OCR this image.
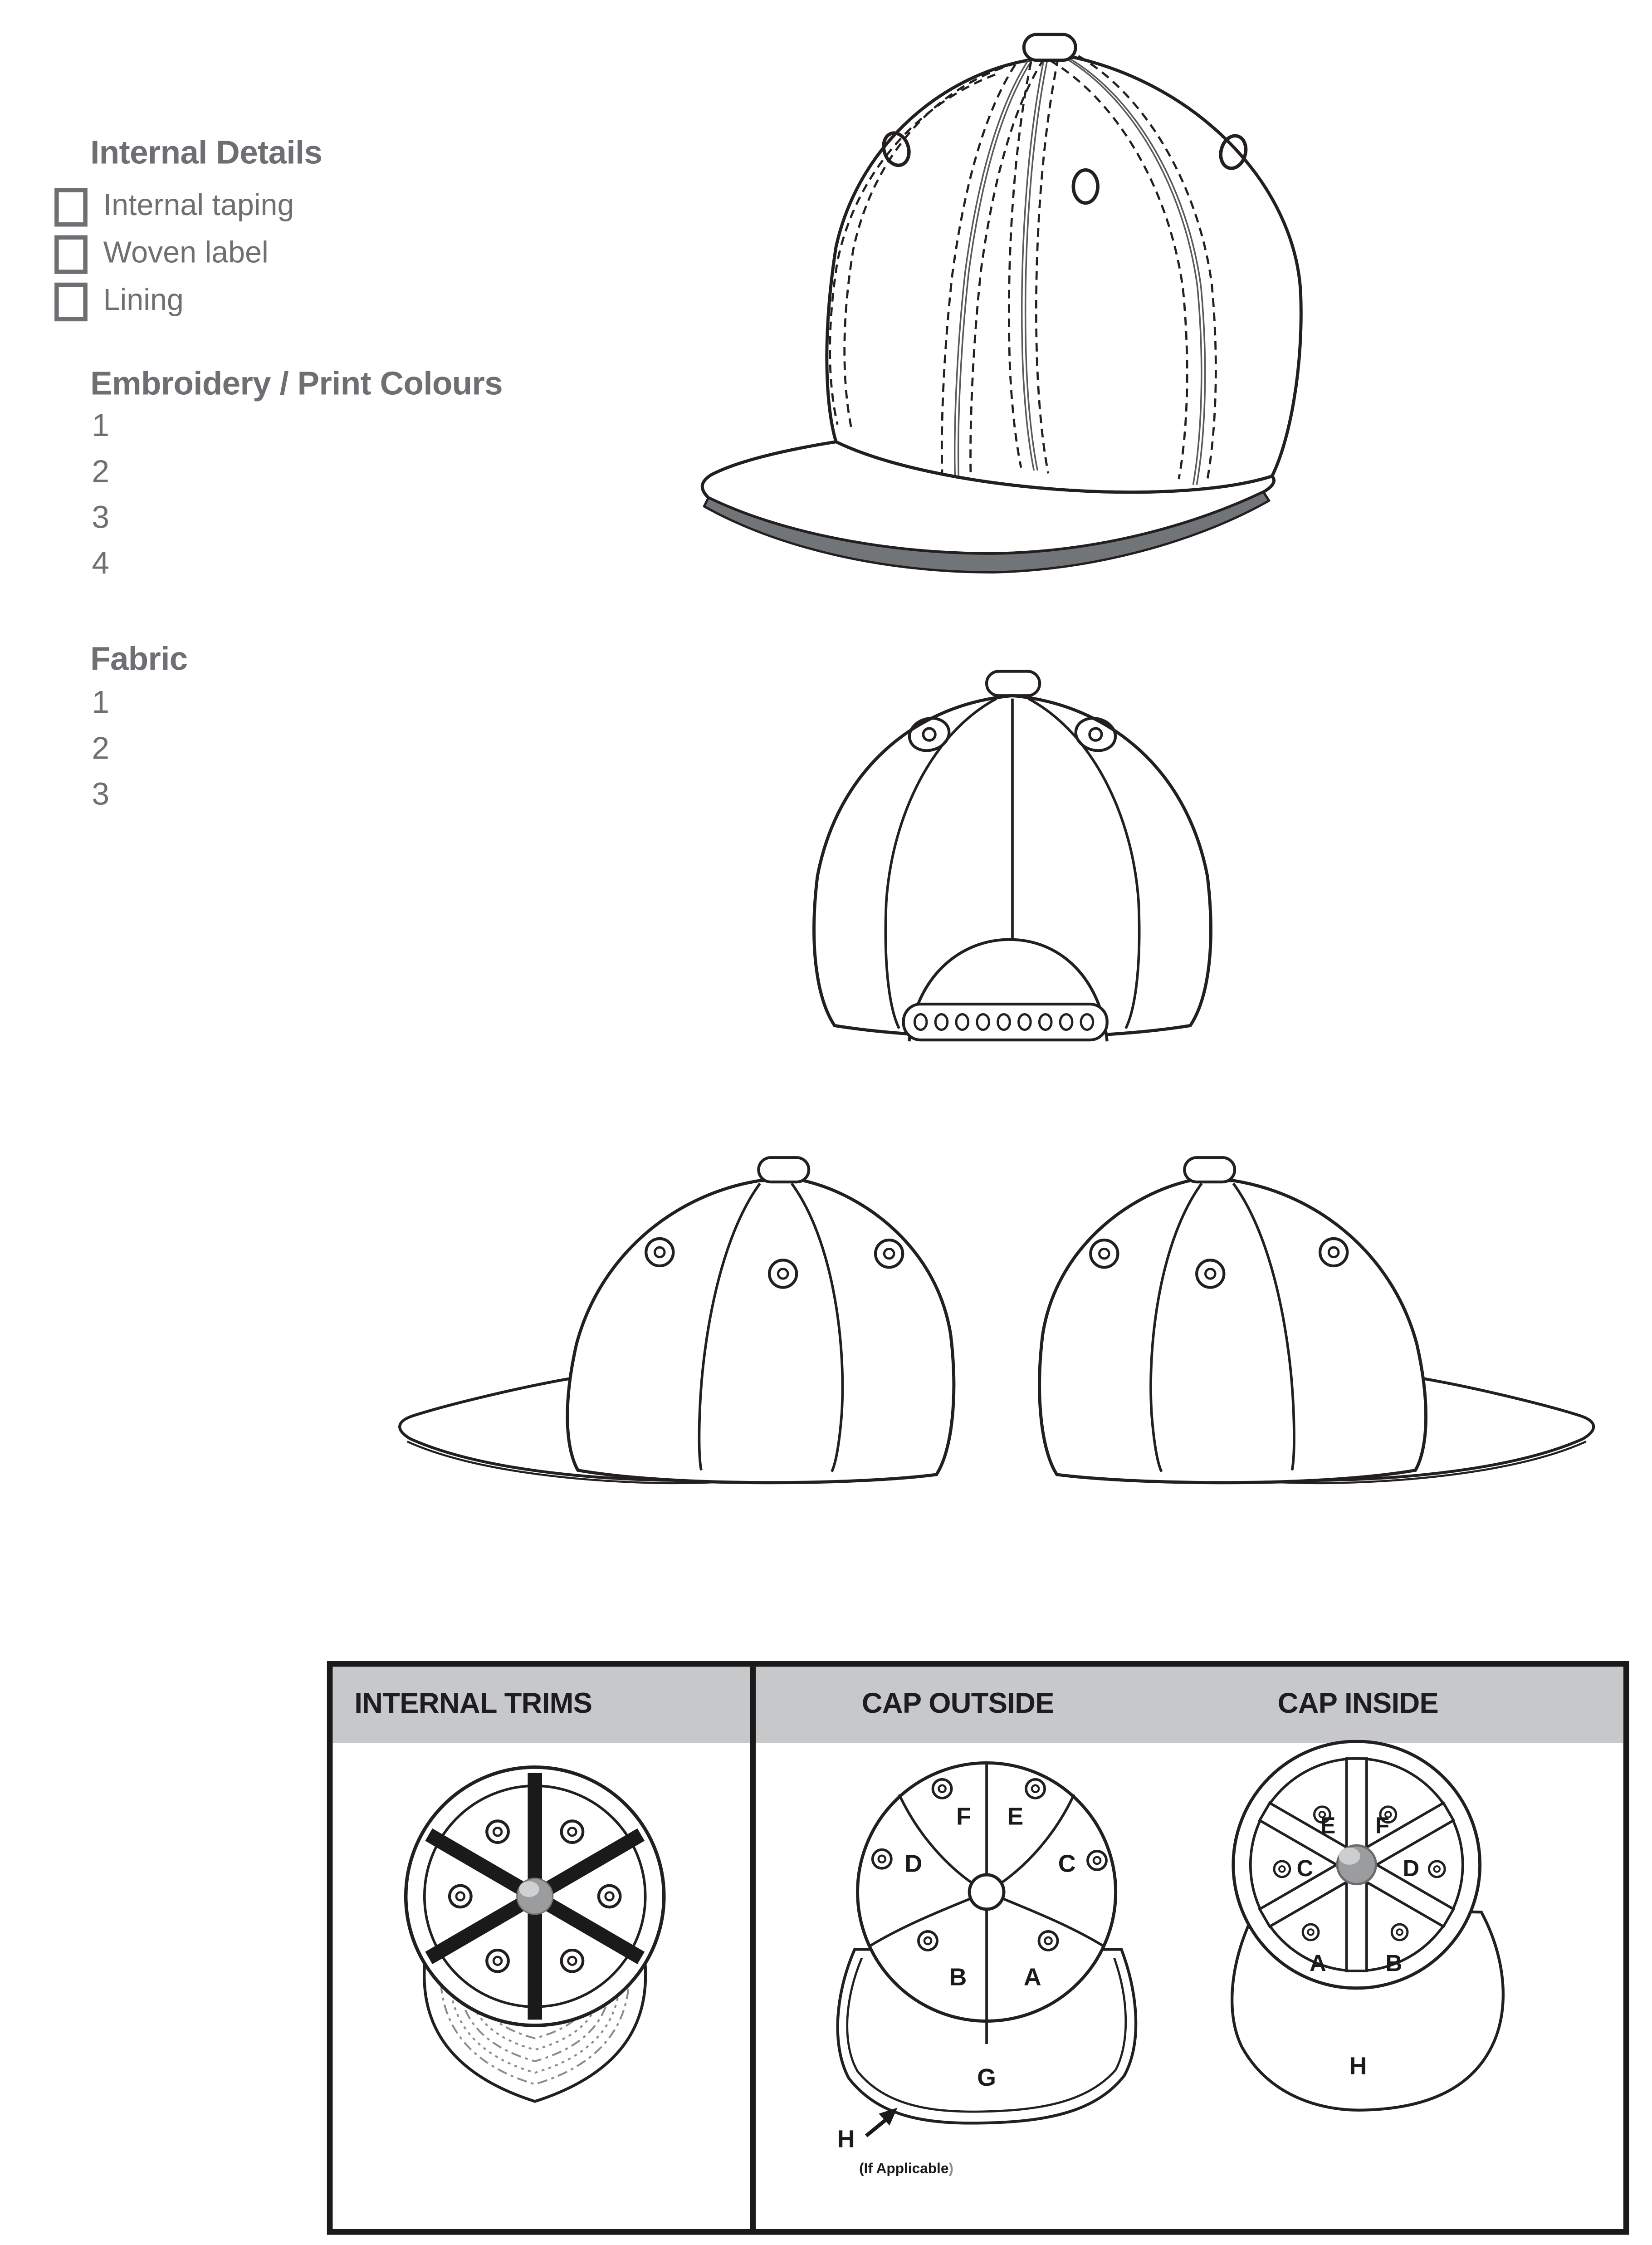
Internal Details
Internal taping
Woven label
Lining
Embroidery / Print Colours
1
2
3
4
Fabric
1
2
3
INTERNAL TRIMS	CAP OUTSIDE	CAP INSIDE
F	E
D	C
B	A
G
H
(If Applicable)
E	F
C	D
A	B
H
